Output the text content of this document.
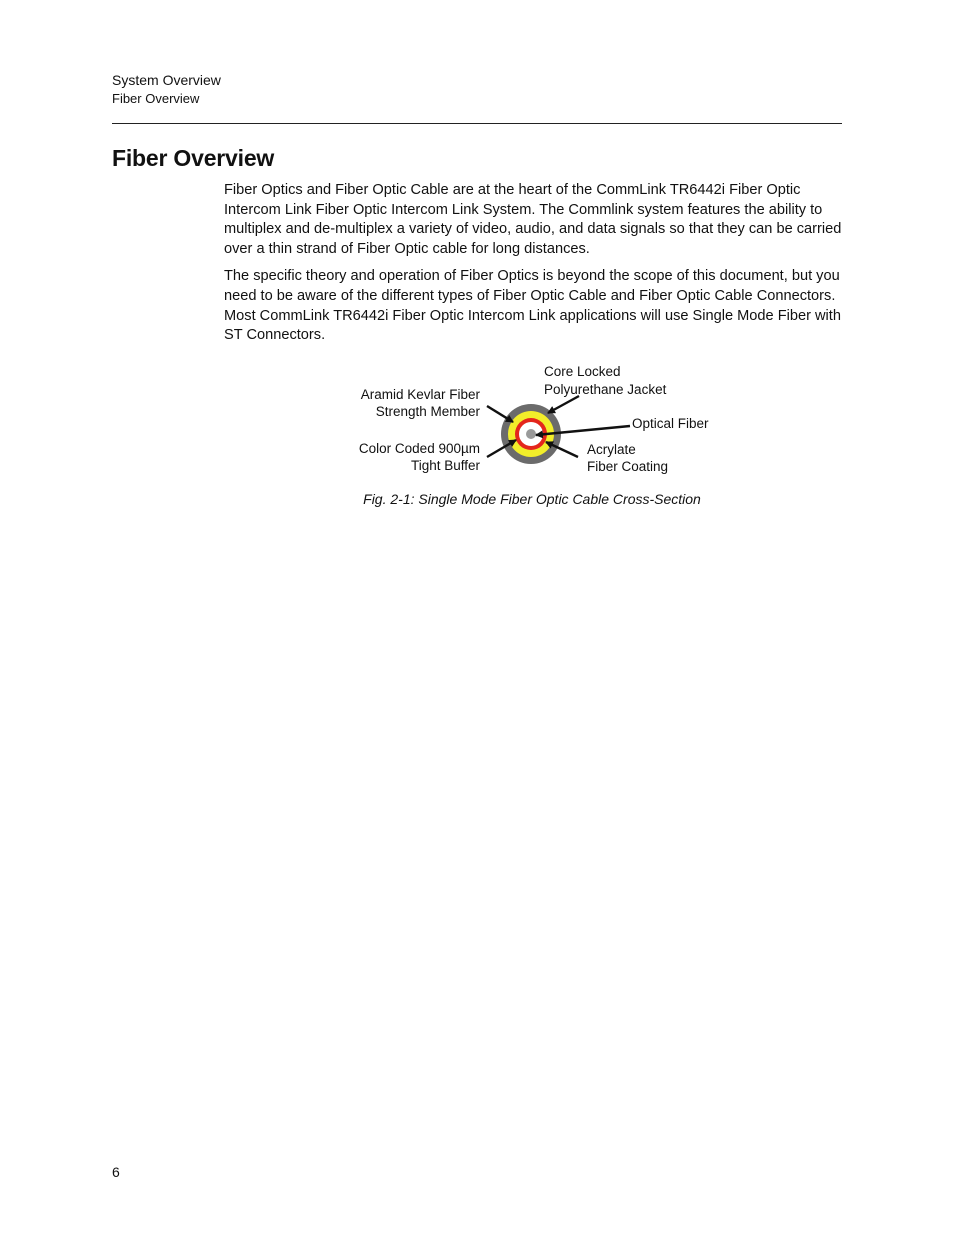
System Overview
Fiber Overview
Fiber Overview

Fiber Optics and Fiber Optic Cable are at the heart of the CommLink TR6442i Fiber Optic Intercom Link Fiber Optic Intercom Link System. The Commlink system features the ability to multiplex and de-multiplex a variety of video, audio, and data signals so that they can be carried over a thin strand of Fiber Optic cable for long distances.

The specific theory and operation of Fiber Optics is beyond the scope of this document, but you need to be aware of the different types of Fiber Optic Cable and Fiber Optic Cable Connectors. Most CommLink TR6442i Fiber Optic Intercom Link applications will use Single Mode Fiber with ST Connectors.

Aramid Kevlar Fiber
Strength Member
Color Coded 900µm
Tight Buffer
Core Locked
Polyurethane Jacket
Optical Fiber
Acrylate
Fiber Coating
Fig. 2-1: Single Mode Fiber Optic Cable Cross-Section
6
